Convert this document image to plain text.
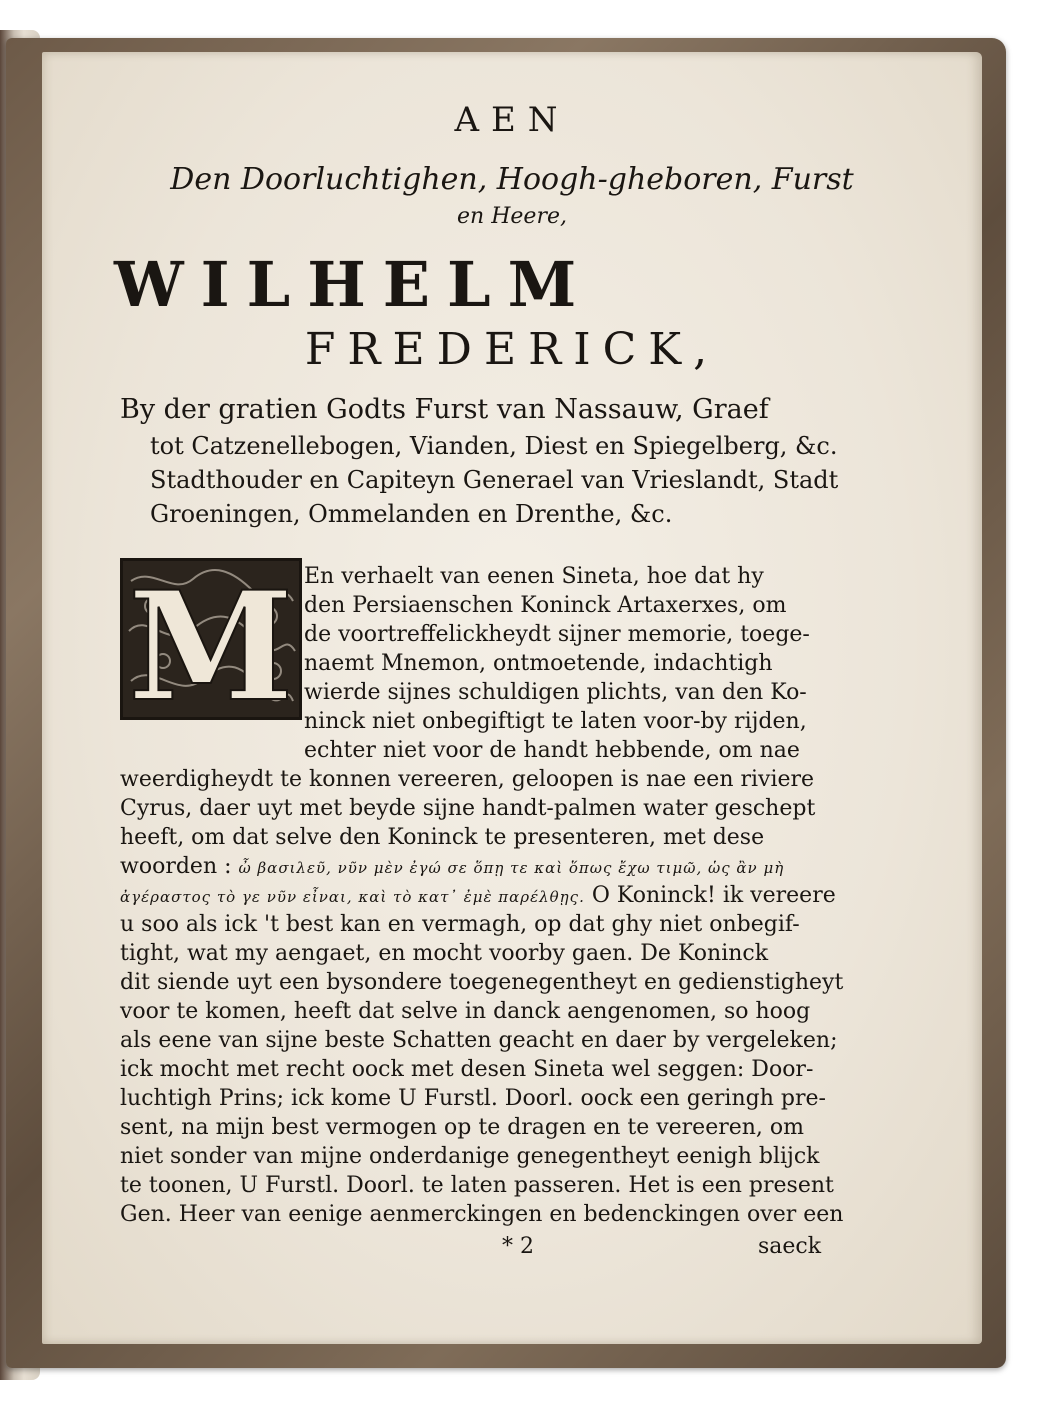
AEN
Den Doorluchtighen, Hoogh-gheboren, Furst
en Heere,
WILHELM
FREDERICK,
By der gratien Godts Furst van Nassauw, Graef
tot Catzenellebogen, Vianden, Diest en Spiegelberg, &c.
Stadthouder en Capiteyn Generael van Vrieslandt, Stadt
Groeningen, Ommelanden en Drenthe, &c.
M En verhaelt van eenen Sineta, hoe dat hy
den Persiaenschen Koninck Artaxerxes, om
de voortreffelickheydt sijner memorie, toege-
naemt Mnemon, ontmoetende, indachtigh
wierde sijnes schuldigen plichts, van den Ko-
ninck niet onbegiftigt te laten voor-by rijden,
echter niet voor de handt hebbende, om nae
weerdigheydt te konnen vereeren, geloopen is nae een riviere
Cyrus, daer uyt met beyde sijne handt-palmen water geschept
heeft, om dat selve den Koninck te presenteren, met dese
woorden : ὦ βασιλεῦ, νῦν μὲν ἐγώ σε ὅπῃ τε καὶ ὅπως ἔχω τιμῶ, ὡς ἂν μὴ
ἀγέραστος τὸ γε νῦν εἶναι, καὶ τὸ κατ᾽ ἐμὲ παρέλθῃς. O Koninck! ik vereere
u soo als ick 't best kan en vermagh, op dat ghy niet onbegif-
tight, wat my aengaet, en mocht voorby gaen. De Koninck
dit siende uyt een bysondere toegenegentheyt en gedienstigheyt
voor te komen, heeft dat selve in danck aengenomen, so hoog
als eene van sijne beste Schatten geacht en daer by vergeleken;
ick mocht met recht oock met desen Sineta wel seggen: Door-
luchtigh Prins; ick kome U Furstl. Doorl. oock een geringh pre-
sent, na mijn best vermogen op te dragen en te vereeren, om
niet sonder van mijne onderdanige genegentheyt eenigh blijck
te toonen, U Furstl. Doorl. te laten passeren. Het is een present
Gen. Heer van eenige aenmerckingen en bedenckingen over een
* 2	saeck
